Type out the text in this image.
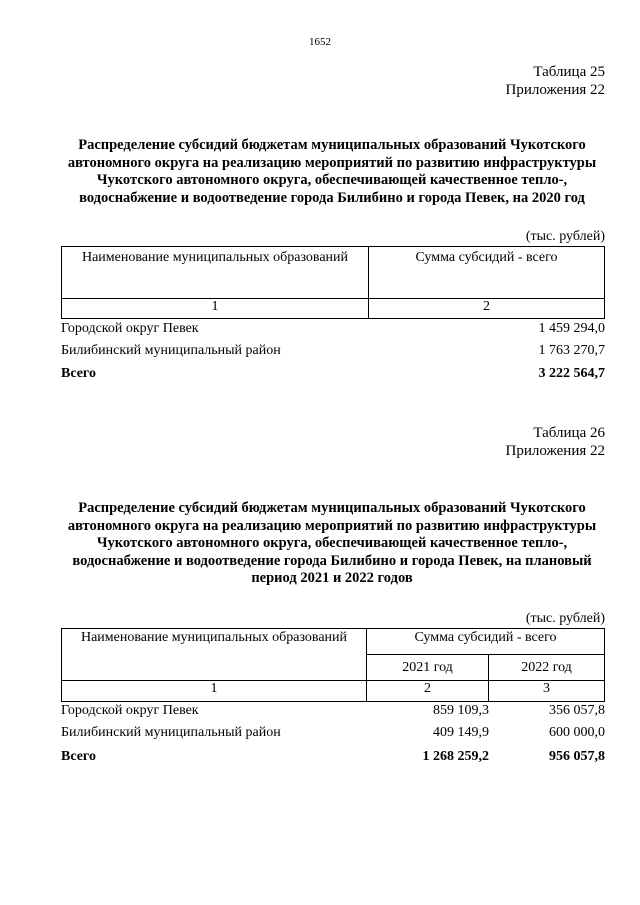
1652
Таблица 25
Приложения 22
Распределение субсидий бюджетам муниципальных образований Чукотского автономного округа на реализацию мероприятий по развитию инфраструктуры Чукотского автономного округа, обеспечивающей качественное тепло-, водоснабжение и водоотведение города Билибино и города Певек, на 2020 год
(тыс. рублей)
Наименование муниципальных образований	Сумма субсидий - всего
1	2
Городской округ Певек	1 459 294,0
Билибинский муниципальный район	1 763 270,7
Всего	3 222 564,7
Таблица 26
Приложения 22
Распределение субсидий бюджетам муниципальных образований Чукотского автономного округа на реализацию мероприятий по развитию инфраструктуры Чукотского автономного округа, обеспечивающей качественное тепло-, водоснабжение и водоотведение города Билибино и города Певек, на плановый период 2021 и 2022 годов
(тыс. рублей)
Наименование муниципальных образований	Сумма субсидий - всего	
	2021 год	2022 год
1	2	3
Городской округ Певек	859 109,3	356 057,8
Билибинский муниципальный район	409 149,9	600 000,0
Всего	1 268 259,2	956 057,8
